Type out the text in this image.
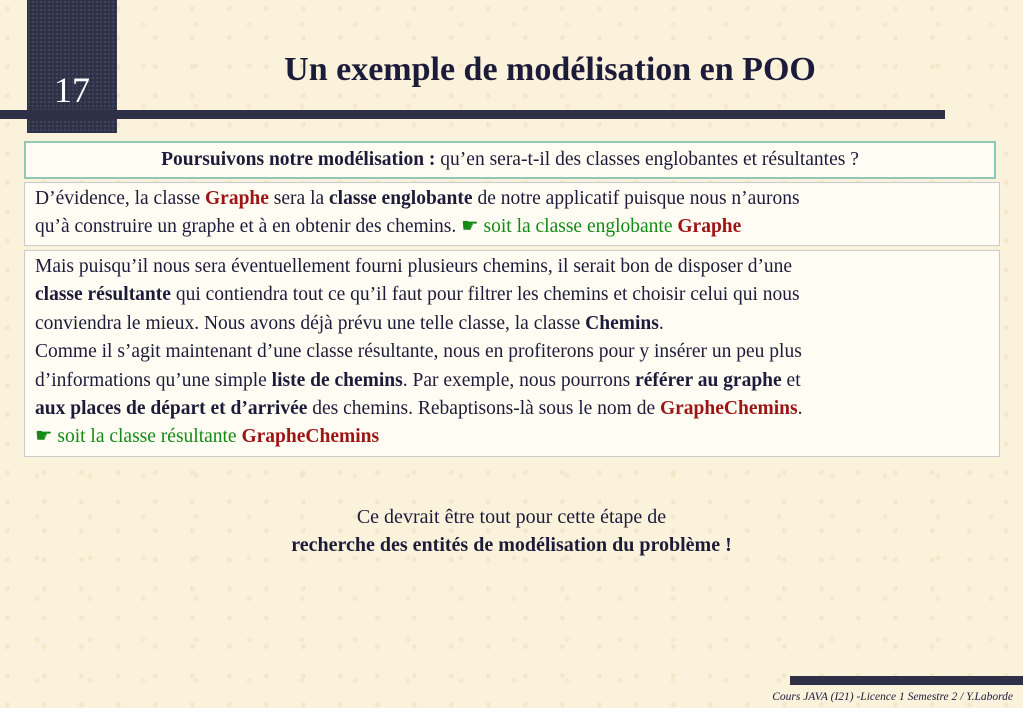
17
Un exemple de modélisation en POO
Poursuivons notre modélisation : qu’en sera-t-il des classes englobantes et résultantes ?
D’évidence, la classe Graphe sera la classe englobante de notre applicatif puisque nous n’aurons
qu’à construire un graphe et à en obtenir des chemins. ☛ soit la classe englobante Graphe
Mais puisqu’il nous sera éventuellement fourni plusieurs chemins, il serait bon de disposer d’une
classe résultante qui contiendra tout ce qu’il faut pour filtrer les chemins et choisir celui qui nous
conviendra le mieux. Nous avons déjà prévu une telle classe, la classe Chemins.
Comme il s’agit maintenant d’une classe résultante, nous en profiterons pour y insérer un peu plus
d’informations qu’une simple liste de chemins. Par exemple, nous pourrons référer au graphe et
aux places de départ et d’arrivée des chemins. Rebaptisons-là sous le nom de GrapheChemins.
☛ soit la classe résultante GrapheChemins
Ce devrait être tout pour cette étape de
recherche des entités de modélisation du problème !
Cours JAVA (I21) -Licence 1 Semestre 2 / Y.Laborde
